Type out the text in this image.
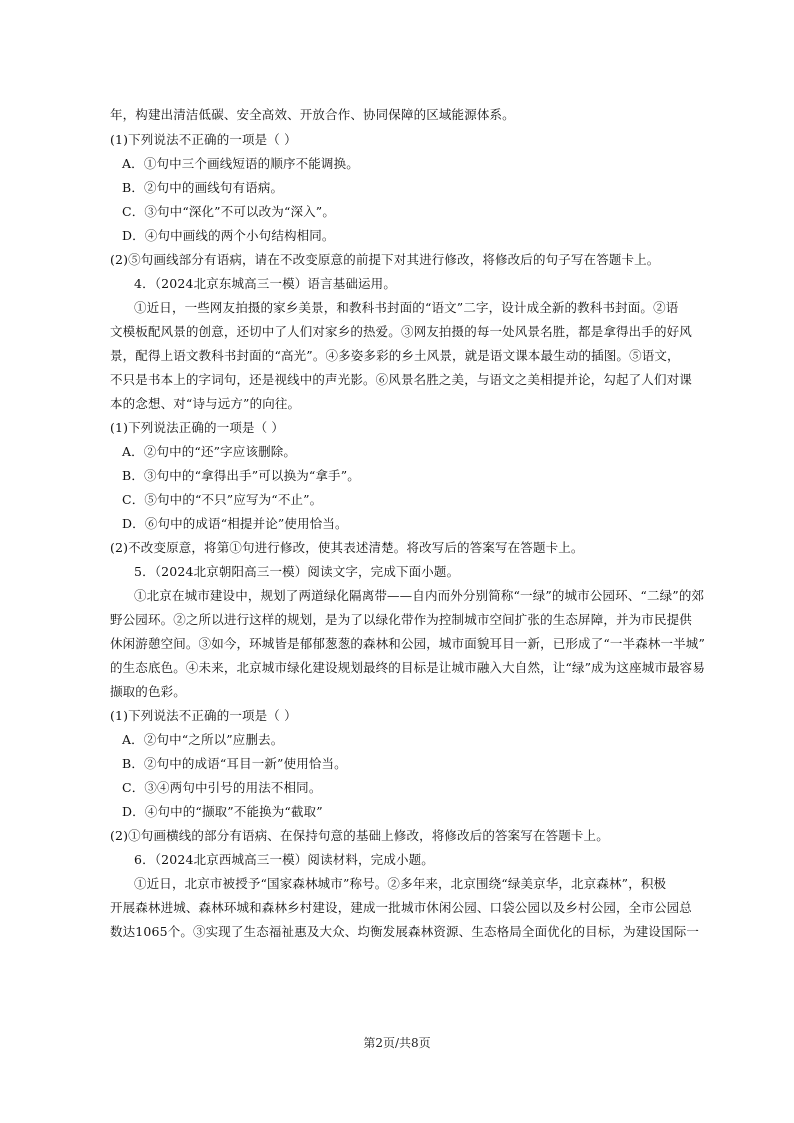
年，构建出清洁低碳、安全高效、开放合作、协同保障的区域能源体系。
(1)下列说法不正确的一项是（ ）
A．①句中三个画线短语的顺序不能调换。
B．②句中的画线句有语病。
C．③句中“深化”不可以改为“深入”。
D．④句中画线的两个小句结构相同。
(2)⑤句画线部分有语病，请在不改变原意的前提下对其进行修改，将修改后的句子写在答题卡上。
4．（2024北京东城高三一模）语言基础运用。
①近日，一些网友拍摄的家乡美景，和教科书封面的“语文”二字，设计成全新的教科书封面。②语
文模板配风景的创意，还切中了人们对家乡的热爱。③网友拍摄的每一处风景名胜，都是拿得出手的好风
景，配得上语文教科书封面的“高光”。④多姿多彩的乡土风景，就是语文课本最生动的插图。⑤语文，
不只是书本上的字词句，还是视线中的声光影。⑥风景名胜之美，与语文之美相提并论，勾起了人们对课
本的念想、对“诗与远方”的向往。
(1)下列说法正确的一项是（ ）
A．②句中的“还”字应该删除。
B．③句中的“拿得出手”可以换为“拿手”。
C．⑤句中的“不只”应写为“不止”。
D．⑥句中的成语“相提并论”使用恰当。
(2)不改变原意，将第①句进行修改，使其表述清楚。将改写后的答案写在答题卡上。
5．（2024北京朝阳高三一模）阅读文字，完成下面小题。
①北京在城市建设中，规划了两道绿化隔离带——自内而外分别简称“一绿”的城市公园环、“二绿”的郊
野公园环。②之所以进行这样的规划，是为了以绿化带作为控制城市空间扩张的生态屏障，并为市民提供
休闲游憩空间。③如今，环城皆是郁郁葱葱的森林和公园，城市面貌耳目一新，已形成了“一半森林一半城”
的生态底色。④未来，北京城市绿化建设规划最终的目标是让城市融入大自然，让“绿”成为这座城市最容易
撷取的色彩。
(1)下列说法不正确的一项是（ ）
A．②句中“之所以”应删去。
B．②句中的成语“耳目一新”使用恰当。
C．③④两句中引号的用法不相同。
D．④句中的“撷取”不能换为“截取”
(2)①句画横线的部分有语病、在保持句意的基础上修改，将修改后的答案写在答题卡上。
6．（2024北京西城高三一模）阅读材料，完成小题。
①近日，北京市被授予“国家森林城市”称号。②多年来，北京围绕“绿美京华，北京森林”，积极
开展森林进城、森林环城和森林乡村建设，建成一批城市休闲公园、口袋公园以及乡村公园，全市公园总
数达1065个。③实现了生态福祉惠及大众、均衡发展森林资源、生态格局全面优化的目标，为建设国际一
第2页/共8页
